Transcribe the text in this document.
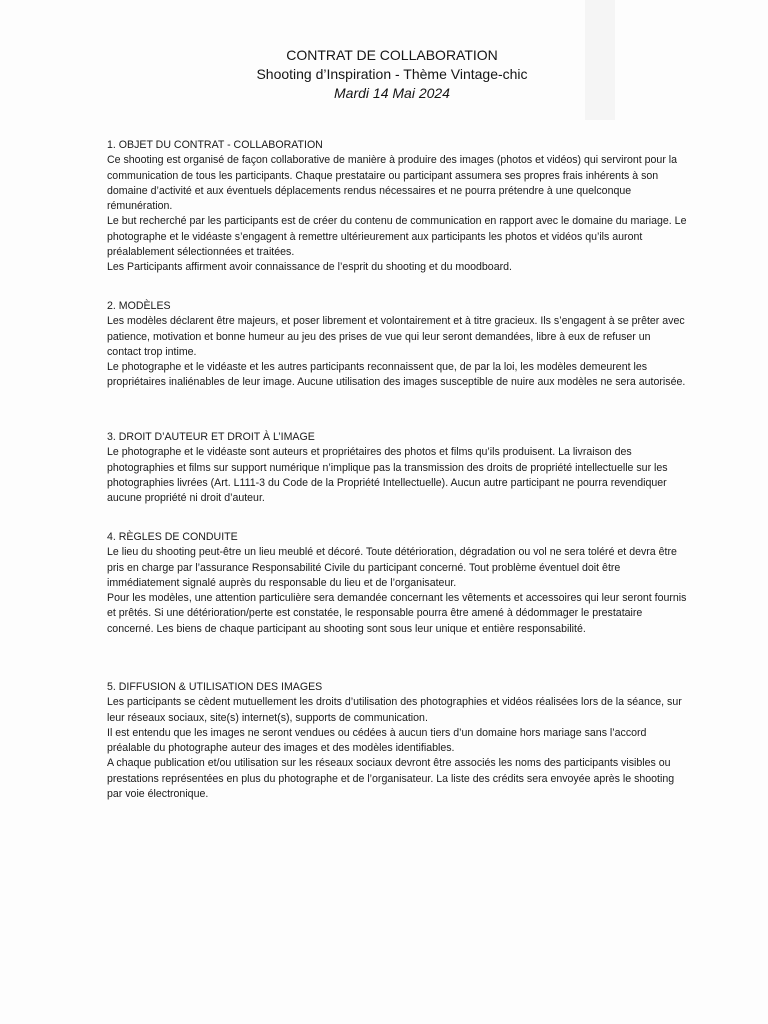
CONTRAT DE COLLABORATION
Shooting d’Inspiration - Thème Vintage-chic
Mardi 14 Mai 2024
1. OBJET DU CONTRAT - COLLABORATION
Ce shooting est organisé de façon collaborative de manière à produire des images (photos et vidéos) qui serviront pour la communication de tous les participants. Chaque prestataire ou participant assumera ses propres frais inhérents à son domaine d’activité et aux éventuels déplacements rendus nécessaires et ne pourra prétendre à une quelconque rémunération.
Le but recherché par les participants est de créer du contenu de communication en rapport avec le domaine du mariage. Le photographe et le vidéaste s’engagent à remettre ultérieurement aux participants les photos et vidéos qu’ils auront préalablement sélectionnées et traitées.
Les Participants affirment avoir connaissance de l’esprit du shooting et du moodboard.
2. MODÈLES
Les modèles déclarent être majeurs, et poser librement et volontairement et à titre gracieux. Ils s’engagent à se prêter avec patience, motivation et bonne humeur au jeu des prises de vue qui leur seront demandées, libre à eux de refuser un contact trop intime.
Le photographe et le vidéaste et les autres participants reconnaissent que, de par la loi, les modèles demeurent les propriétaires inaliénables de leur image. Aucune utilisation des images susceptible de nuire aux modèles ne sera autorisée.
3. DROIT D’AUTEUR ET DROIT À L’IMAGE
Le photographe et le vidéaste sont auteurs et propriétaires des photos et films qu’ils produisent. La livraison des photographies et films sur support numérique n’implique pas la transmission des droits de propriété intellectuelle sur les photographies livrées (Art. L111-3 du Code de la Propriété Intellectuelle). Aucun autre participant ne pourra revendiquer aucune propriété ni droit d’auteur.
4. RÈGLES DE CONDUITE
Le lieu du shooting peut-être un lieu meublé et décoré. Toute détérioration, dégradation ou vol ne sera toléré et devra être pris en charge par l’assurance Responsabilité Civile du participant concerné. Tout problème éventuel doit être immédiatement signalé auprès du responsable du lieu et de l’organisateur.
Pour les modèles, une attention particulière sera demandée concernant les vêtements et accessoires qui leur seront fournis et prêtés. Si une détérioration/perte est constatée, le responsable pourra être amené à dédommager le prestataire concerné. Les biens de chaque participant au shooting sont sous leur unique et entière responsabilité.
5. DIFFUSION & UTILISATION DES IMAGES
Les participants se cèdent mutuellement les droits d’utilisation des photographies et vidéos réalisées lors de la séance, sur leur réseaux sociaux, site(s) internet(s), supports de communication.
Il est entendu que les images ne seront vendues ou cédées à aucun tiers d’un domaine hors mariage sans l’accord préalable du photographe auteur des images et des modèles identifiables.
A chaque publication et/ou utilisation sur les réseaux sociaux devront être associés les noms des participants visibles ou prestations représentées en plus du photographe et de l’organisateur. La liste des crédits sera envoyée après le shooting par voie électronique.
